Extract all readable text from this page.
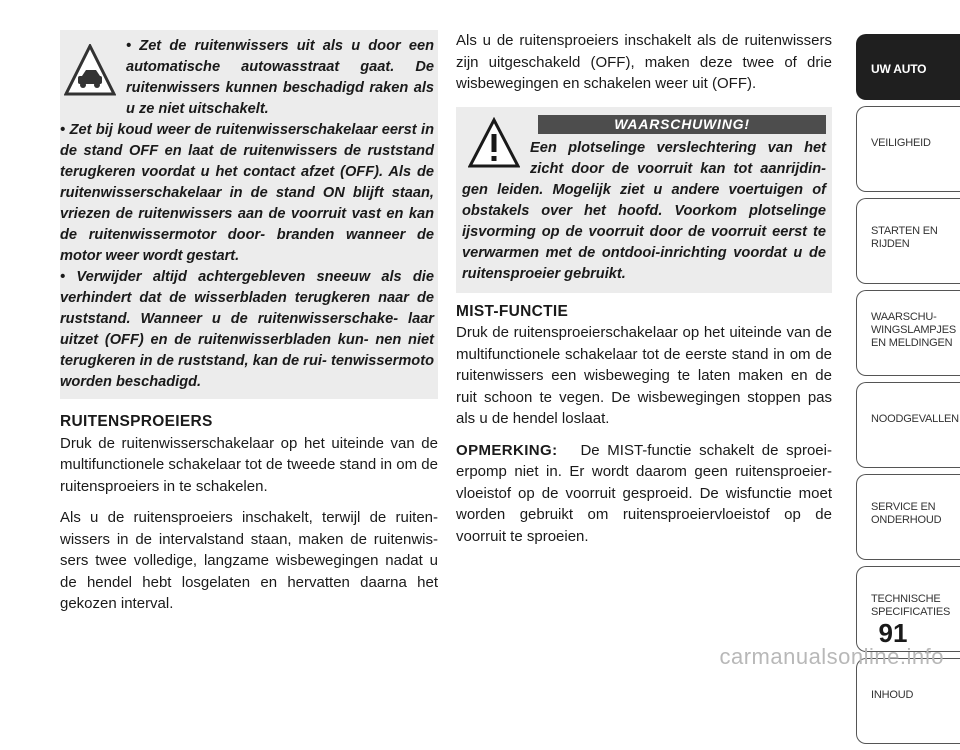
• Zet de ruitenwissers uit als u door een automatische autowasstraat gaat. De ruitenwissers kunnen beschadigd raken als u ze niet uitschakelt.

• Zet bij koud weer de ruitenwisserschakelaar eerst in de stand OFF en laat de ruitenwissers de ruststand terugkeren voordat u het contact afzet (OFF). Als de ruitenwisserschakelaar in de stand ON blijft staan, vriezen de ruitenwissers aan de voorruit vast en kan de ruitenwissermotor door- branden wanneer de motor weer wordt gestart.

• Verwijder altijd achtergebleven sneeuw als die verhindert dat de wisserbladen terugkeren naar de ruststand. Wanneer u de ruitenwisserschake- laar uitzet (OFF) en de ruitenwisserbladen kun- nen niet terugkeren in de ruststand, kan de rui- tenwissermoto worden beschadigd.

RUITENSPROEIERS

Druk de ruitenwisserschakelaar op het uiteinde van de multifunctionele schakelaar tot de tweede stand in om de ruitensproeiers in te schakelen.

Als u de ruitensproeiers inschakelt, terwijl de ruiten- wissers in de intervalstand staan, maken de ruitenwis- sers twee volledige, langzame wisbewegingen nadat u de hendel hebt losgelaten en hervatten daarna het gekozen interval.

Als u de ruitensproeiers inschakelt als de ruitenwissers zijn uitgeschakeld (OFF), maken deze twee of drie wisbewegingen en schakelen weer uit (OFF).

WAARSCHUWING!

Een plotselinge verslechtering van het zicht door de voorruit kan tot aanrijdin- gen leiden. Mogelijk ziet u andere voertuigen of obstakels over het hoofd. Voorkom plotselinge ijsvorming op de voorruit door de voorruit eerst te verwarmen met de ontdooi-inrichting voordat u de ruitensproeier gebruikt.

MIST-FUNCTIE

Druk de ruitensproeierschakelaar op het uiteinde van de multifunctionele schakelaar tot de eerste stand in om de ruitenwissers een wisbeweging te laten maken en de ruit schoon te vegen. De wisbewegingen stoppen pas als u de hendel loslaat.

OPMERKING: De MIST-functie schakelt de sproei- erpomp niet in. Er wordt daarom geen ruitensproeier- vloeistof op de voorruit gesproeid. De wisfunctie moet worden gebruikt om ruitensproeiervloeistof op de voorruit te sproeien.

UW AUTO
VEILIGHEID
STARTEN EN
RIJDEN
WAARSCHU-
WINGSLAMPJES
EN MELDINGEN
NOODGEVALLEN
SERVICE EN
ONDERHOUD
TECHNISCHE
SPECIFICATIES
INHOUD
91
carmanualsonline.info
